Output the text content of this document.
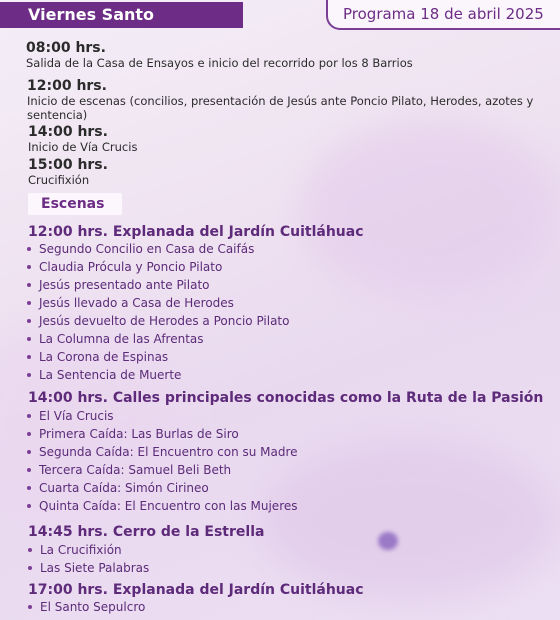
Viernes Santo	Programa 18 de abril 2025
08:00 hrs.
Salida de la Casa de Ensayos e inicio del recorrido por los 8 Barrios
12:00 hrs.
Inicio de escenas (concilios, presentación de Jesús ante Poncio Pilato, Herodes, azotes y sentencia)
14:00 hrs.
Inicio de Vía Crucis
15:00 hrs.
Crucifixión
Escenas
12:00 hrs. Explanada del Jardín Cuitláhuac
Segundo Concilio en Casa de Caifás
Claudia Prócula y Poncio Pilato
Jesús presentado ante Pilato
Jesús llevado a Casa de Herodes
Jesús devuelto de Herodes a Poncio Pilato
La Columna de las Afrentas
La Corona de Espinas
La Sentencia de Muerte
14:00 hrs. Calles principales conocidas como la Ruta de la Pasión
El Vía Crucis
Primera Caída: Las Burlas de Siro
Segunda Caída: El Encuentro con su Madre
Tercera Caída: Samuel Beli Beth
Cuarta Caída: Simón Cirineo
Quinta Caída: El Encuentro con las Mujeres
14:45 hrs. Cerro de la Estrella
La Crucifixión
Las Siete Palabras
17:00 hrs. Explanada del Jardín Cuitláhuac
El Santo Sepulcro
